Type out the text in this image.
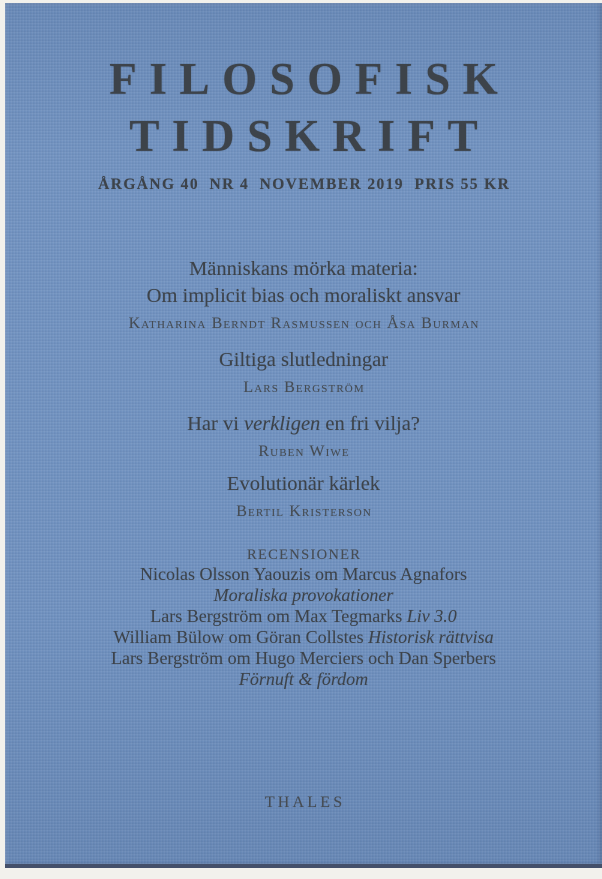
FILOSOFISK
TIDSKRIFT
ÅRGÅNG 40  NR 4  NOVEMBER 2019  PRIS 55 KR
Människans mörka materia:
Om implicit bias och moraliskt ansvar
Katharina Berndt Rasmussen och Åsa Burman
Giltiga slutledningar
Lars Bergström
Har vi verkligen en fri vilja?
Ruben Wiwe
Evolutionär kärlek
Bertil Kristerson
RECENSIONER
Nicolas Olsson Yaouzis om Marcus Agnafors
Moraliska provokationer
Lars Bergström om Max Tegmarks Liv 3.0
William Bülow om Göran Collstes Historisk rättvisa
Lars Bergström om Hugo Merciers och Dan Sperbers
Förnuft & fördom
THALES
